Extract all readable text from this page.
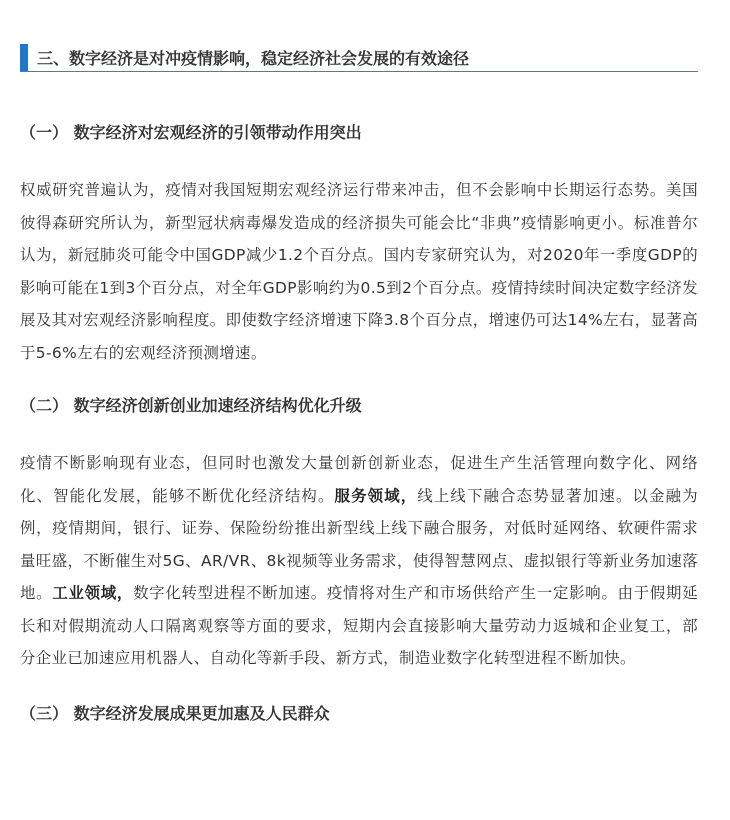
三、数字经济是对冲疫情影响，稳定经济社会发展的有效途径
（一） 数字经济对宏观经济的引领带动作用突出

权威研究普遍认为，疫情对我国短期宏观经济运行带来冲击，但不会影响中长期运行态势。美国彼得森研究所认为，新型冠状病毒爆发造成的经济损失可能会比“非典”疫情影响更小。标准普尔认为，新冠肺炎可能令中国GDP减少1.2个百分点。国内专家研究认为，对2020年一季度GDP的影响可能在1到3个百分点，对全年GDP影响约为0.5到2个百分点。疫情持续时间决定数字经济发展及其对宏观经济影响程度。即使数字经济增速下降3.8个百分点，增速仍可达14%左右，显著高于5-6%左右的宏观经济预测增速。

（二） 数字经济创新创业加速经济结构优化升级

疫情不断影响现有业态，但同时也激发大量创新创新业态，促进生产生活管理向数字化、网络化、智能化发展，能够不断优化经济结构。服务领域，线上线下融合态势显著加速。以金融为例，疫情期间，银行、证券、保险纷纷推出新型线上线下融合服务，对低时延网络、软硬件需求量旺盛，不断催生对5G、AR/VR、8k视频等业务需求，使得智慧网点、虚拟银行等新业务加速落地。工业领域，数字化转型进程不断加速。疫情将对生产和市场供给产生一定影响。由于假期延长和对假期流动人口隔离观察等方面的要求，短期内会直接影响大量劳动力返城和企业复工，部分企业已加速应用机器人、自动化等新手段、新方式，制造业数字化转型进程不断加快。

（三） 数字经济发展成果更加惠及人民群众
